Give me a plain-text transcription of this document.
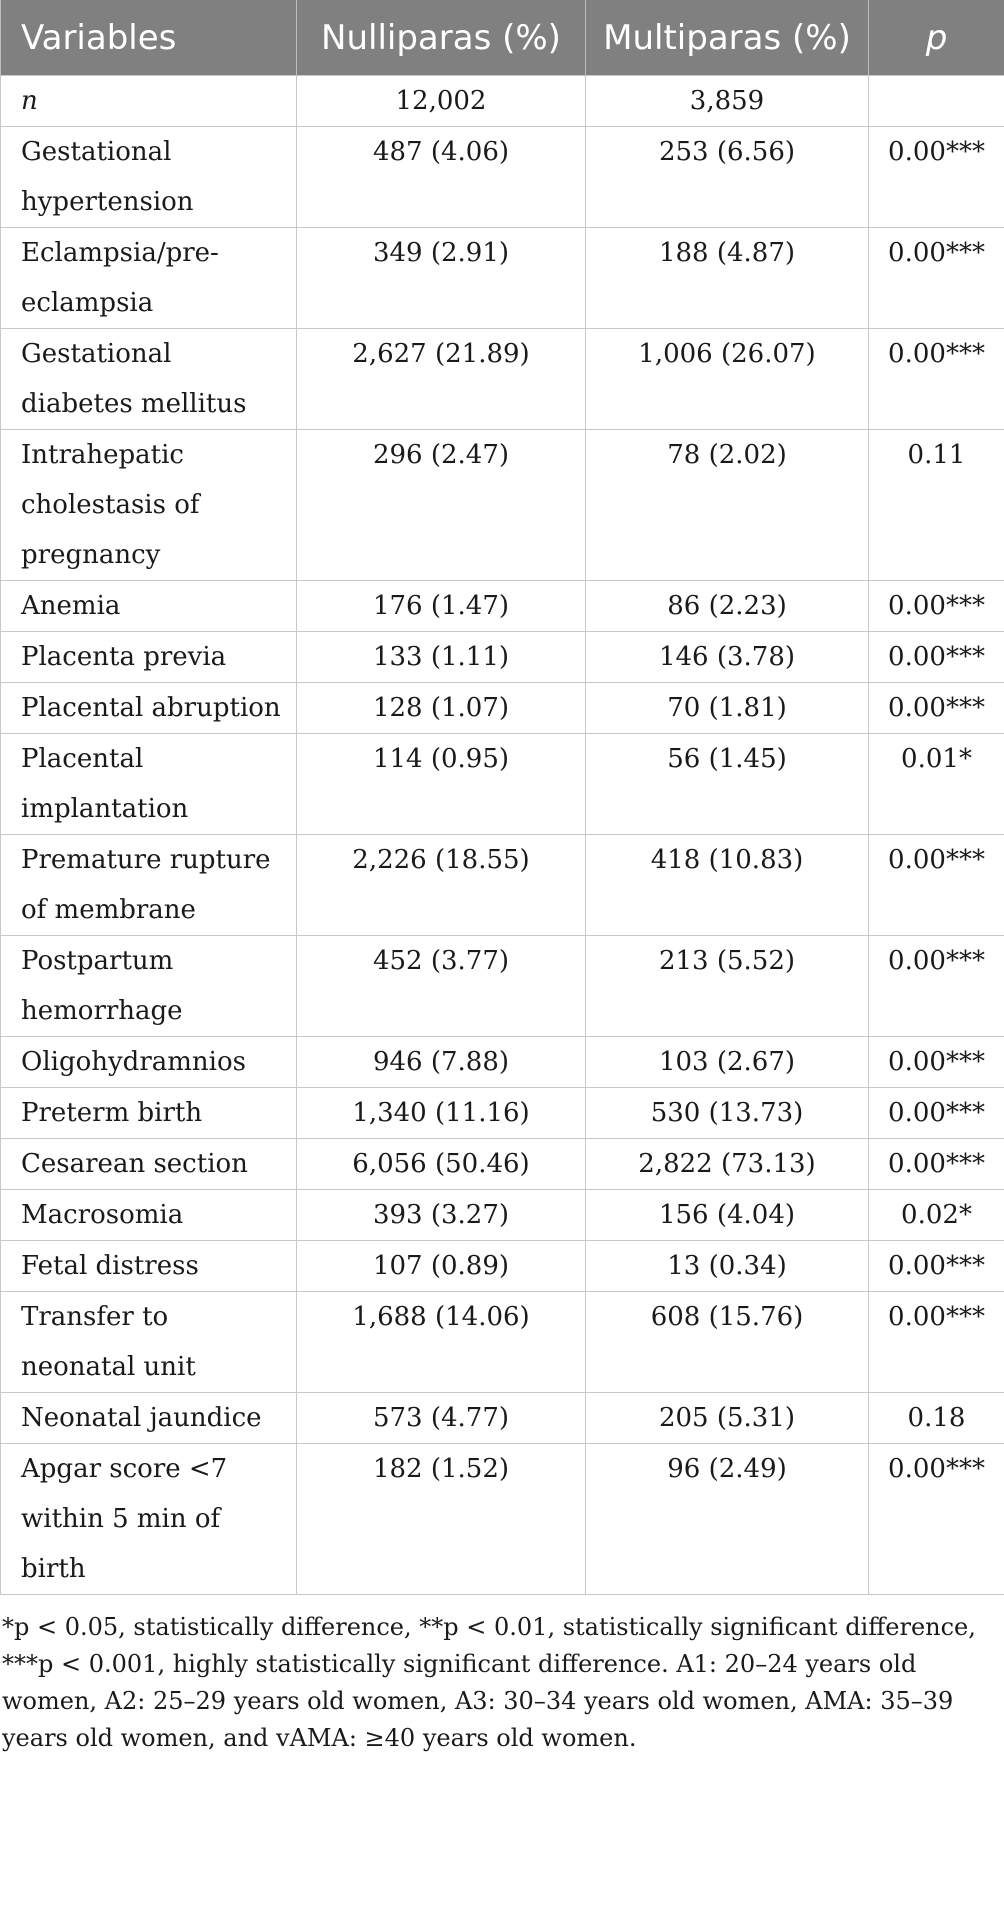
Variables	Nulliparas (%)	Multiparas (%)	p
n	12,002	3,859	
Gestational hypertension	487 (4.06)	253 (6.56)	0.00***
Eclampsia/pre-eclampsia	349 (2.91)	188 (4.87)	0.00***
Gestational diabetes mellitus	2,627 (21.89)	1,006 (26.07)	0.00***
Intrahepatic cholestasis of pregnancy	296 (2.47)	78 (2.02)	0.11
Anemia	176 (1.47)	86 (2.23)	0.00***
Placenta previa	133 (1.11)	146 (3.78)	0.00***
Placental abruption	128 (1.07)	70 (1.81)	0.00***
Placental implantation	114 (0.95)	56 (1.45)	0.01*
Premature rupture of membrane	2,226 (18.55)	418 (10.83)	0.00***
Postpartum hemorrhage	452 (3.77)	213 (5.52)	0.00***
Oligohydramnios	946 (7.88)	103 (2.67)	0.00***
Preterm birth	1,340 (11.16)	530 (13.73)	0.00***
Cesarean section	6,056 (50.46)	2,822 (73.13)	0.00***
Macrosomia	393 (3.27)	156 (4.04)	0.02*
Fetal distress	107 (0.89)	13 (0.34)	0.00***
Transfer to neonatal unit	1,688 (14.06)	608 (15.76)	0.00***
Neonatal jaundice	573 (4.77)	205 (5.31)	0.18
Apgar score <7 within 5 min of birth	182 (1.52)	96 (2.49)	0.00***
*p < 0.05, statistically difference, **p < 0.01, statistically significant difference, ***p < 0.001, highly statistically significant difference. A1: 20–24 years old women, A2: 25–29 years old women, A3: 30–34 years old women, AMA: 35–39 years old women, and vAMA: ≥40 years old women.
